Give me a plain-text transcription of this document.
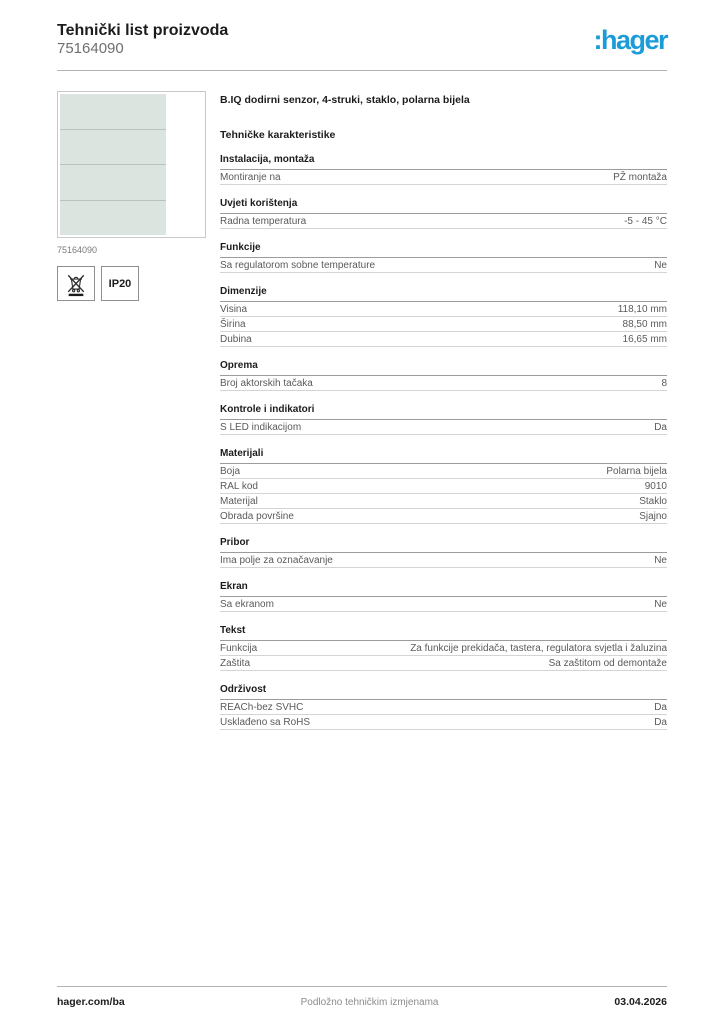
Tehnički list proizvoda
75164090	:hager
75164090
IP20
B.IQ dodirni senzor, 4-struki, staklo, polarna bijela
Tehničke karakteristike
Instalacija, montaža
Montiranje na	PŽ montaža
Uvjeti korištenja
Radna temperatura	-5 - 45 °C
Funkcije
Sa regulatorom sobne temperature	Ne
Dimenzije
Visina	118,10 mm
Širina	88,50 mm
Dubina	16,65 mm
Oprema
Broj aktorskih tačaka	8
Kontrole i indikatori
S LED indikacijom	Da
Materijali
Boja	Polarna bijela
RAL kod	9010
Materijal	Staklo
Obrada površine	Sjajno
Pribor
Ima polje za označavanje	Ne
Ekran
Sa ekranom	Ne
Tekst
Funkcija	Za funkcije prekidača, tastera, regulatora svjetla i žaluzina
Zaštita	Sa zaštitom od demontaže
Održivost
REACh-bez SVHC	Da
Usklađeno sa RoHS	Da
hager.com/ba	Podložno tehničkim izmjenama	03.04.2026
